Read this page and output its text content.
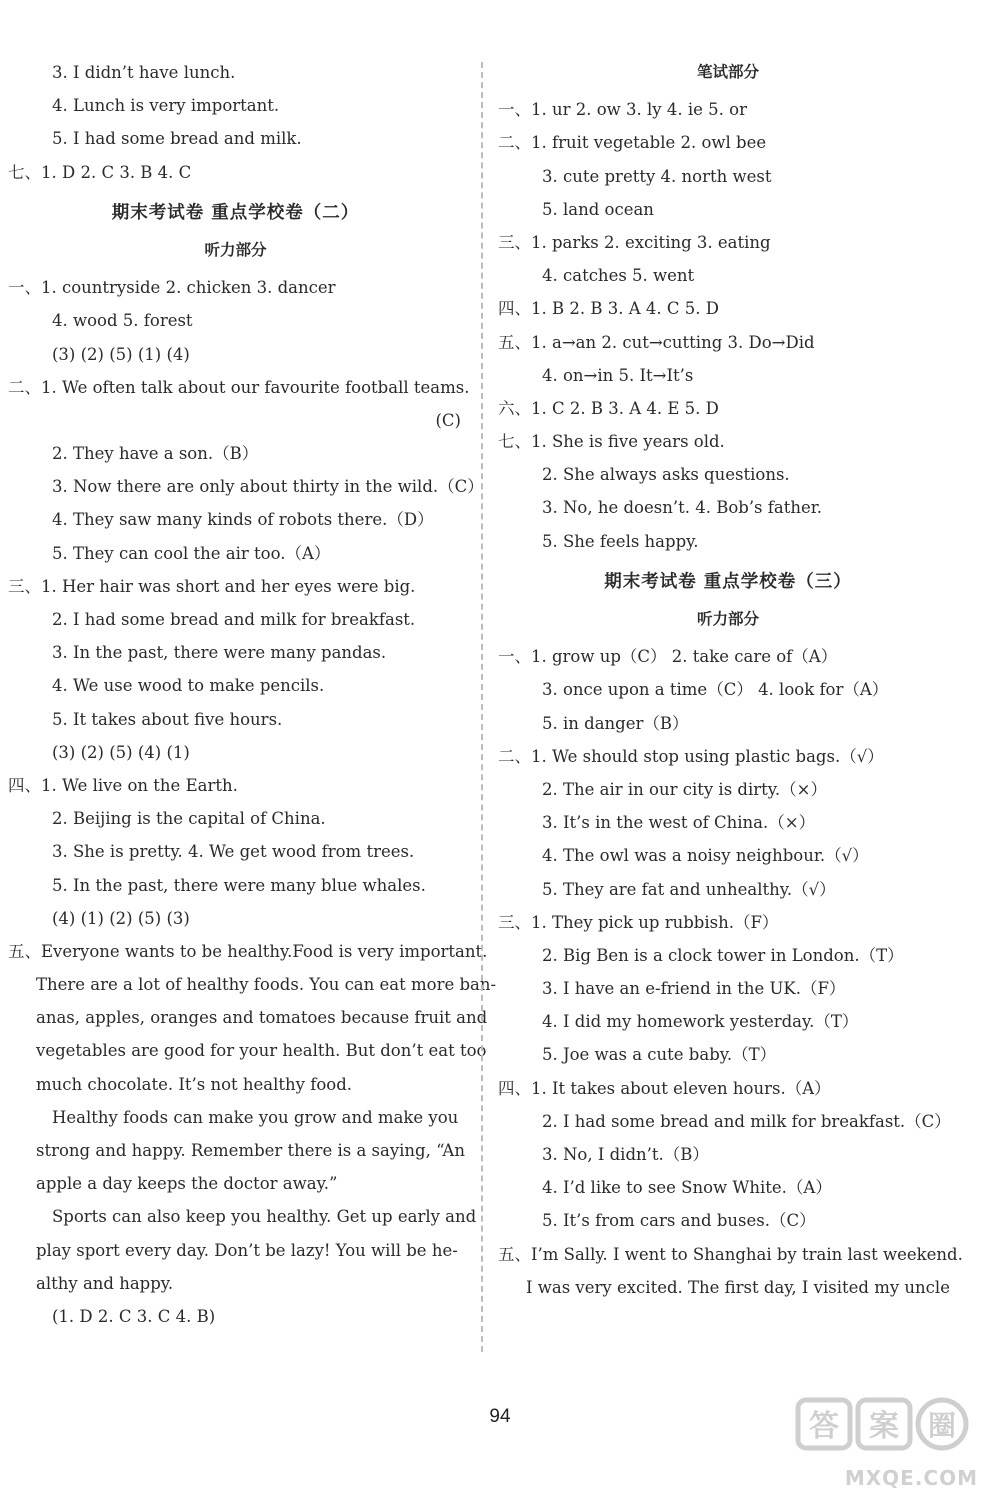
3. I didn’t have lunch.
4. Lunch is very important.
5. I had some bread and milk.
七、1. D 2. C 3. B 4. C
期末考试卷 重点学校卷（二）
听力部分
一、1. countryside 2. chicken 3. dancer
4. wood 5. forest
(3) (2) (5) (1) (4)
二、1. We often talk about our favourite football teams.
(C)
2. They have a son.（B）
3. Now there are only about thirty in the wild.（C）
4. They saw many kinds of robots there.（D）
5. They can cool the air too.（A）
三、1. Her hair was short and her eyes were big.
2. I had some bread and milk for breakfast.
3. In the past, there were many pandas.
4. We use wood to make pencils.
5. It takes about five hours.
(3) (2) (5) (4) (1)
四、1. We live on the Earth.
2. Beijing is the capital of China.
3. She is pretty. 4. We get wood from trees.
5. In the past, there were many blue whales.
(4) (1) (2) (5) (3)
五、Everyone wants to be healthy.Food is very important.
There are a lot of healthy foods. You can eat more ban-
anas, apples, oranges and tomatoes because fruit and
vegetables are good for your health. But don’t eat too
much chocolate. It’s not healthy food.
Healthy foods can make you grow and make you
strong and happy. Remember there is a saying, “An
apple a day keeps the doctor away.”
Sports can also keep you healthy. Get up early and
play sport every day. Don’t be lazy! You will be he-
althy and happy.
(1. D 2. C 3. C 4. B)
笔试部分
一、1. ur 2. ow 3. ly 4. ie 5. or
二、1. fruit vegetable 2. owl bee
3. cute pretty 4. north west
5. land ocean
三、1. parks 2. exciting 3. eating
4. catches 5. went
四、1. B 2. B 3. A 4. C 5. D
五、1. a→an 2. cut→cutting 3. Do→Did
4. on→in 5. It→It’s
六、1. C 2. B 3. A 4. E 5. D
七、1. She is five years old.
2. She always asks questions.
3. No, he doesn’t. 4. Bob’s father.
5. She feels happy.
期末考试卷 重点学校卷（三）
听力部分
一、1. grow up（C） 2. take care of（A）
3. once upon a time（C） 4. look for（A）
5. in danger（B）
二、1. We should stop using plastic bags.（√）
2. The air in our city is dirty.（×）
3. It’s in the west of China.（×）
4. The owl was a noisy neighbour.（√）
5. They are fat and unhealthy.（√）
三、1. They pick up rubbish.（F）
2. Big Ben is a clock tower in London.（T）
3. I have an e-friend in the UK.（F）
4. I did my homework yesterday.（T）
5. Joe was a cute baby.（T）
四、1. It takes about eleven hours.（A）
2. I had some bread and milk for breakfast.（C）
3. No, I didn’t.（B）
4. I’d like to see Snow White.（A）
5. It’s from cars and buses.（C）
五、I’m Sally. I went to Shanghai by train last weekend.
I was very excited. The first day, I visited my uncle
94	答 案 圈
MXQE.COM
